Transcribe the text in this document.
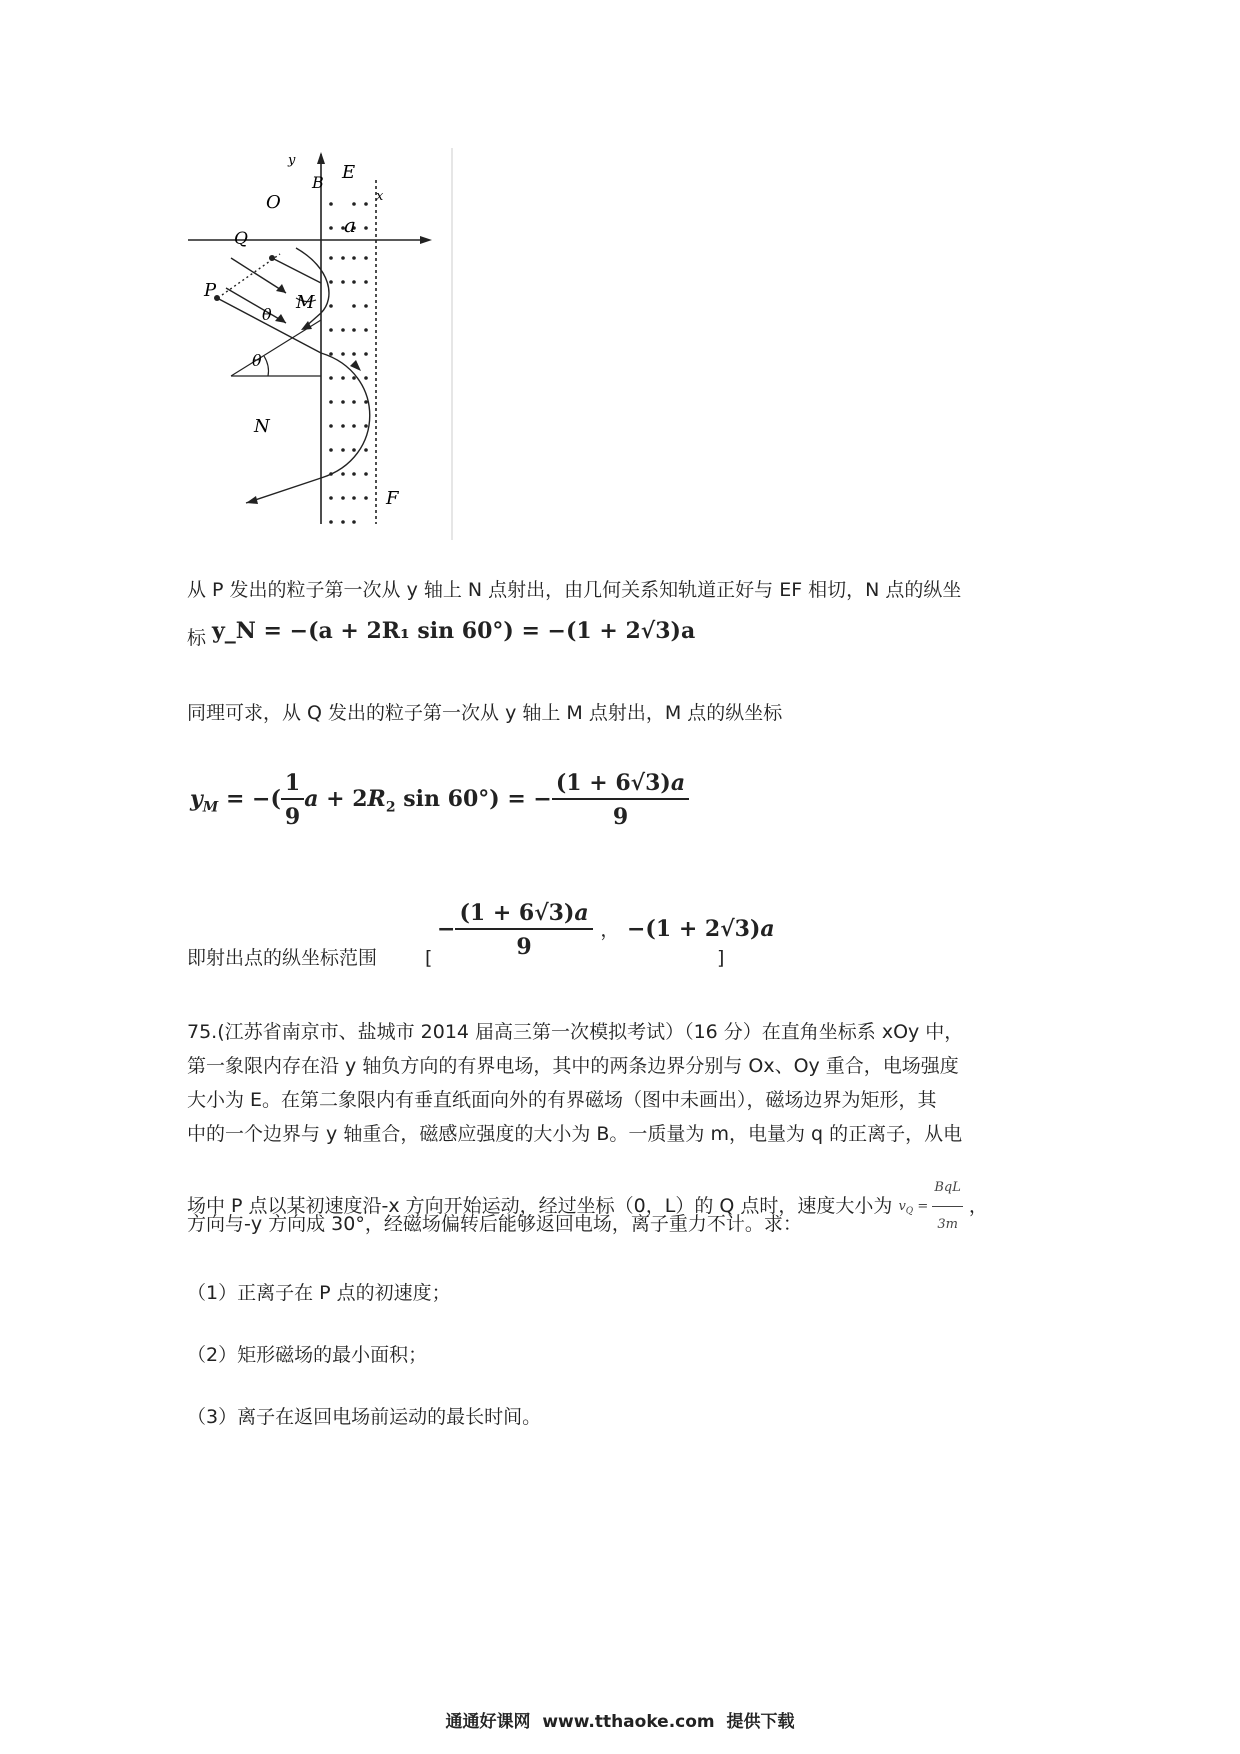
y
x
O
B E
a
Q
P
M
θ
θ
N
F
从 P 发出的粒子第一次从 y 轴上 N 点射出，由几何关系知轨道正好与 EF 相切，N 点的纵坐
标 y_N = −(a + 2R₁ sin 60°) = −(1 + 2√3)a
同理可求，从 Q 发出的粒子第一次从 y 轴上 M 点射出，M 点的纵坐标
$y_M$ = −( $\frac{1}{9}$ $a + 2R_2$ sin 60°) = − $\frac{(1 + 6√3)a}{9}$
即射出点的纵坐标范围	[
− $\frac{(1 + 6√3)a}{9}$ ， −(1 + 2√3)a
]
75.(江苏省南京市、盐城市 2014 届高三第一次模拟考试）（16 分）在直角坐标系 xOy 中，
第一象限内存在沿 y 轴负方向的有界电场，其中的两条边界分别与 Ox、Oy 重合，电场强度
大小为 E。在第二象限内有垂直纸面向外的有界磁场（图中未画出），磁场边界为矩形，其
中的一个边界与 y 轴重合，磁感应强度的大小为 B。一质量为 m，电量为 q 的正离子，从电
场中 P 点以某初速度沿-x 方向开始运动，经过坐标（0，L）的 Q 点时，速度大小为 $v_Q = \frac{\text{BqL}}{3m}$ ，
方向与-y 方向成 30°，经磁场偏转后能够返回电场，离子重力不计。求：
（1）正离子在 P 点的初速度；
（2）矩形磁场的最小面积；
（3）离子在返回电场前运动的最长时间。
通通好课网  www.tthaoke.com  提供下载
